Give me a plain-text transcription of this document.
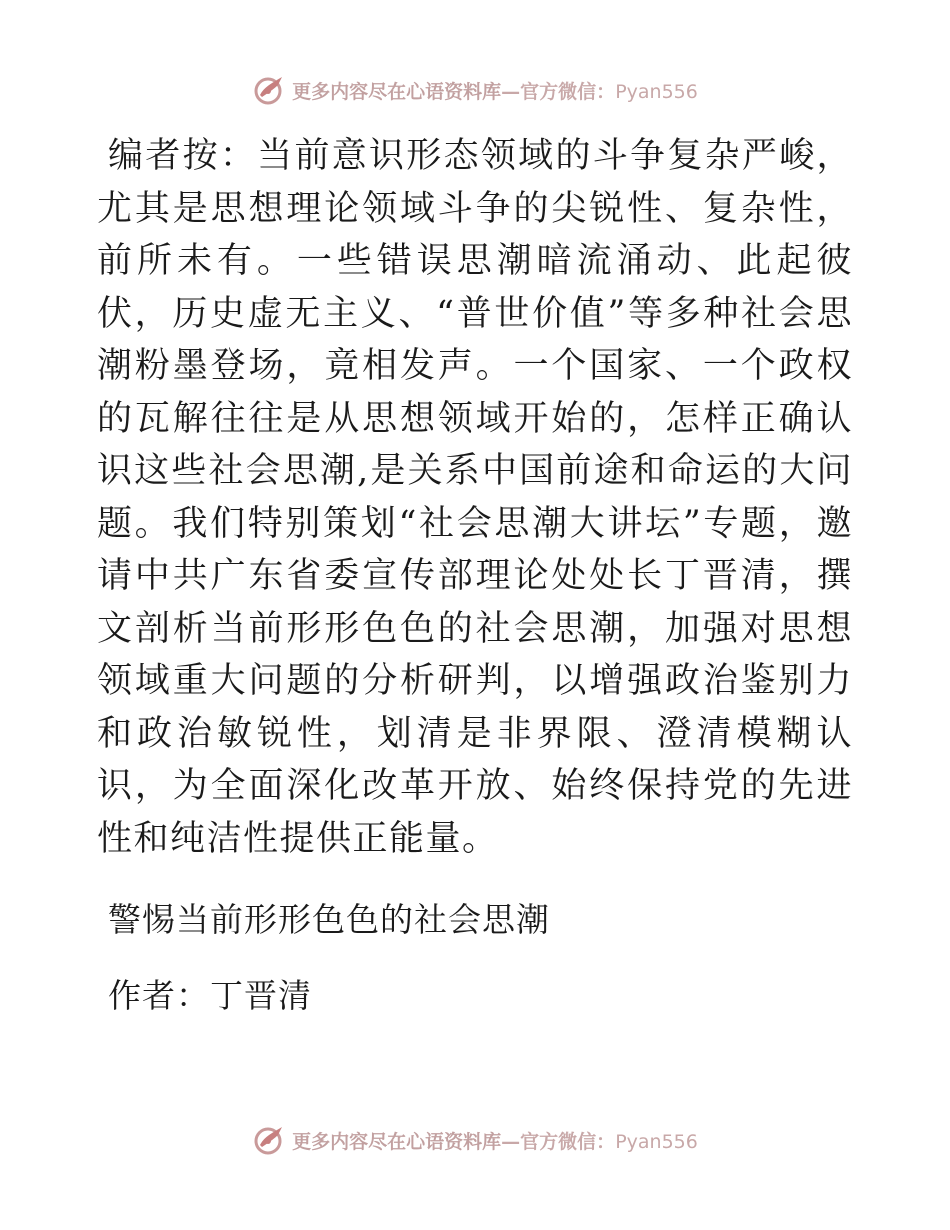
更多内容尽在心语资料库—官方微信：Pyan556

编者按：当前意识形态领域的斗争复杂严峻，尤其是思想理论领域斗争的尖锐性、复杂性，前所未有。一些错误思潮暗流涌动、此起彼伏，历史虚无主义、“普世价值”等多种社会思潮粉墨登场，竟相发声。一个国家、一个政权的瓦解往往是从思想领域开始的，怎样正确认识这些社会思潮,是关系中国前途和命运的大问题。我们特别策划“社会思潮大讲坛”专题，邀请中共广东省委宣传部理论处处长丁晋清，撰文剖析当前形形色色的社会思潮，加强对思想领域重大问题的分析研判，以增强政治鉴别力和政治敏锐性，划清是非界限、澄清模糊认识，为全面深化改革开放、始终保持党的先进性和纯洁性提供正能量。

警惕当前形形色色的社会思潮

作者：丁晋清

更多内容尽在心语资料库—官方微信：Pyan556
